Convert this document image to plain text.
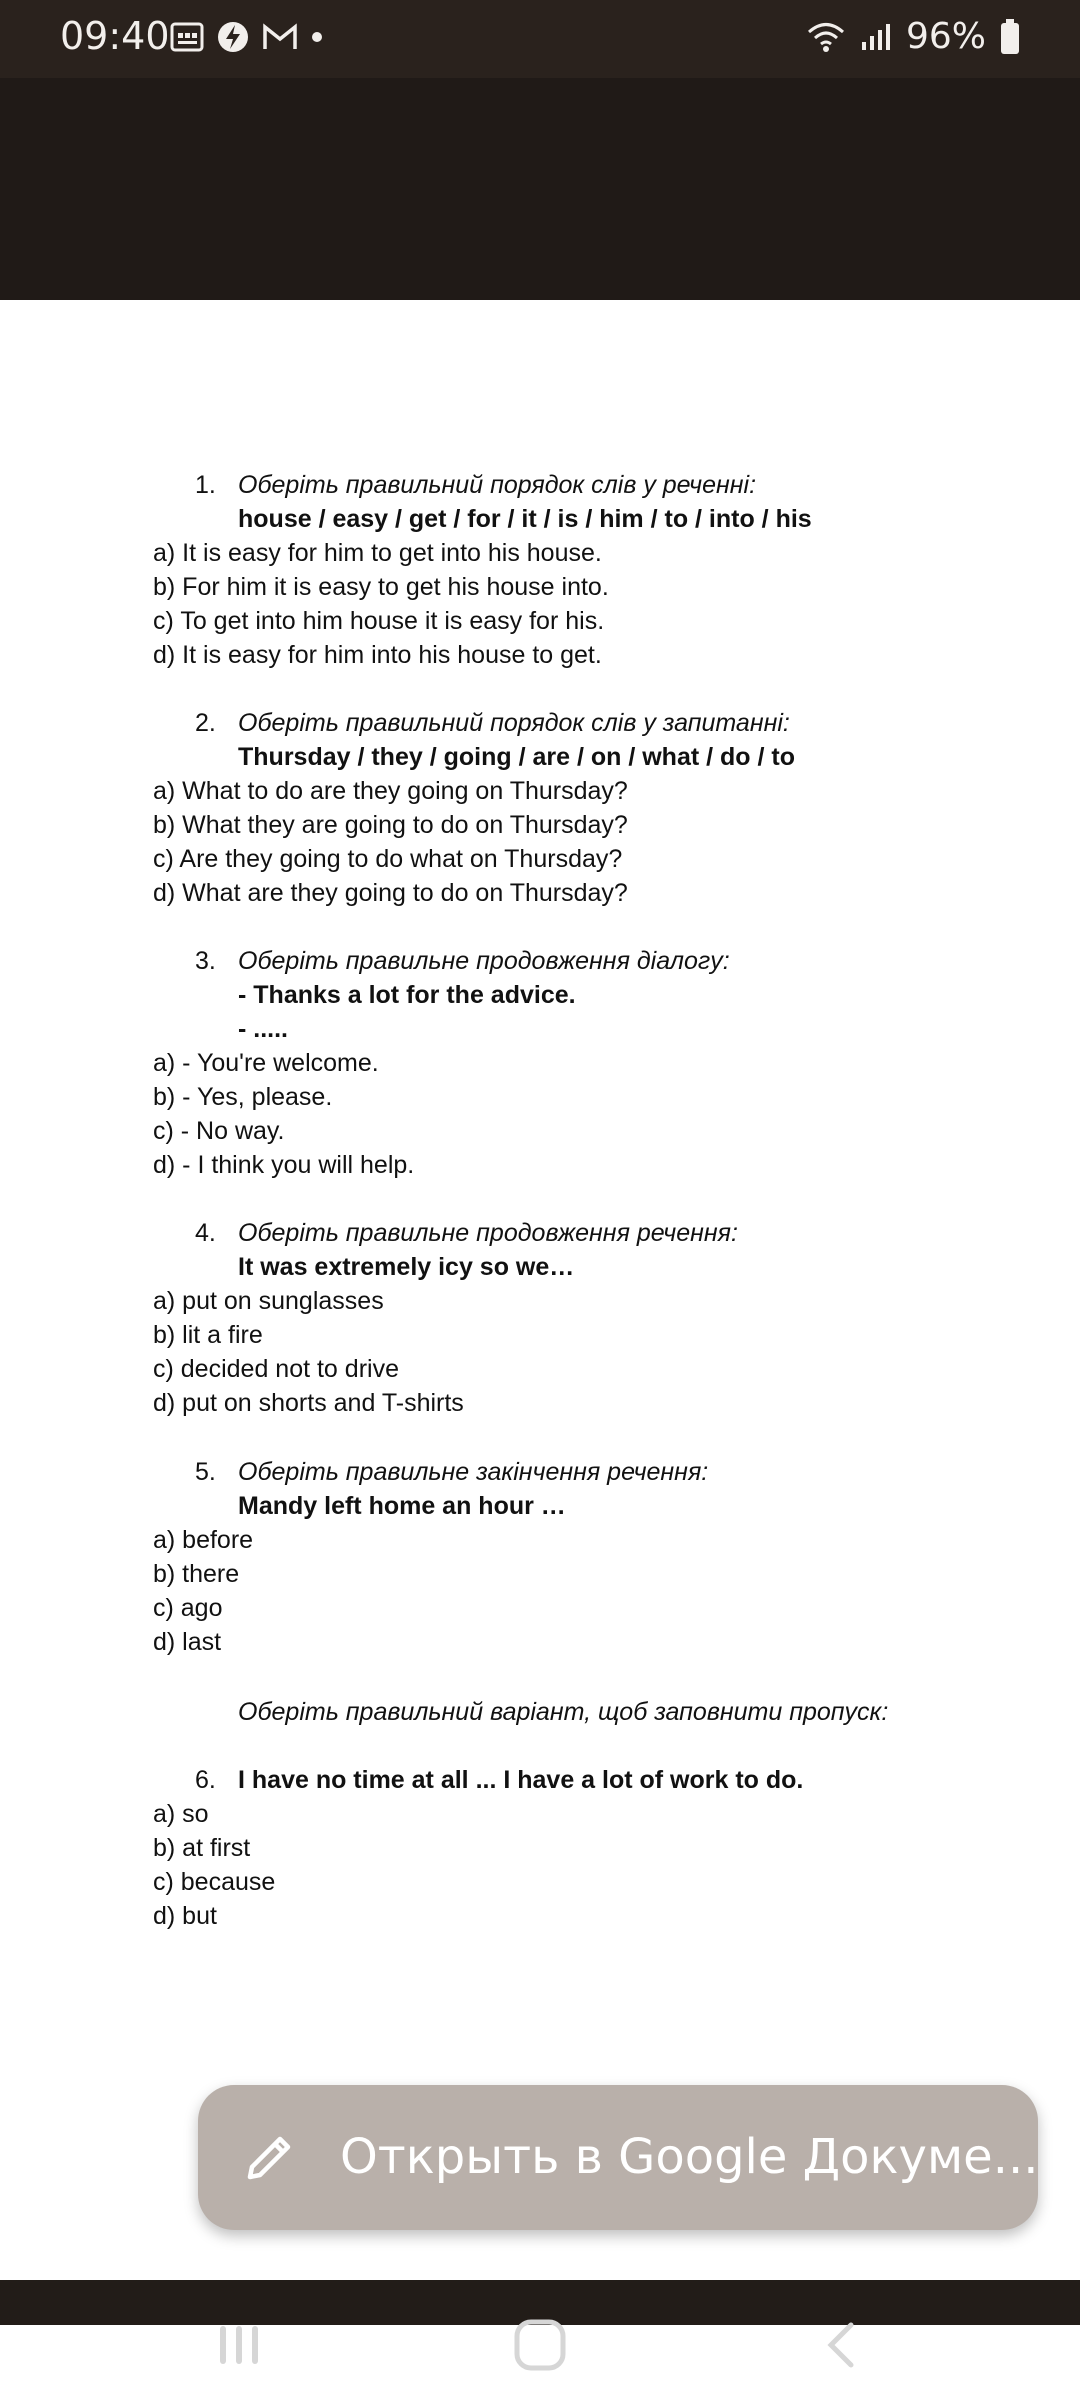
09:40	96%
1. Оберіть правильний порядок слів у реченні:
house / easy / get / for / it / is / him / to / into / his
a) It is easy for him to get into his house.
b) For him it is easy to get his house into.
c) To get into him house it is easy for his.
d) It is easy for him into his house to get.
2. Оберіть правильний порядок слів у запитанні:
Thursday / they / going / are / on / what / do / to
a) What to do are they going on Thursday?
b) What they are going to do on Thursday?
c) Are they going to do what on Thursday?
d) What are they going to do on Thursday?
3. Оберіть правильне продовження діалогу:
- Thanks a lot for the advice.
- .....
a) - You're welcome.
b) - Yes, please.
c) - No way.
d) - I think you will help.
4. Оберіть правильне продовження речення:
It was extremely icy so we…
a) put on sunglasses
b) lit a fire
c) decided not to drive
d) put on shorts and T-shirts
5. Оберіть правильне закінчення речення:
Mandy left home an hour …
a) before
b) there
c) ago
d) last
Оберіть правильний варіант, щоб заповнити пропуск:
6. I have no time at all ... I have a lot of work to do.
a) so
b) at first
c) because
d) but
Открыть в Google Докуме...
